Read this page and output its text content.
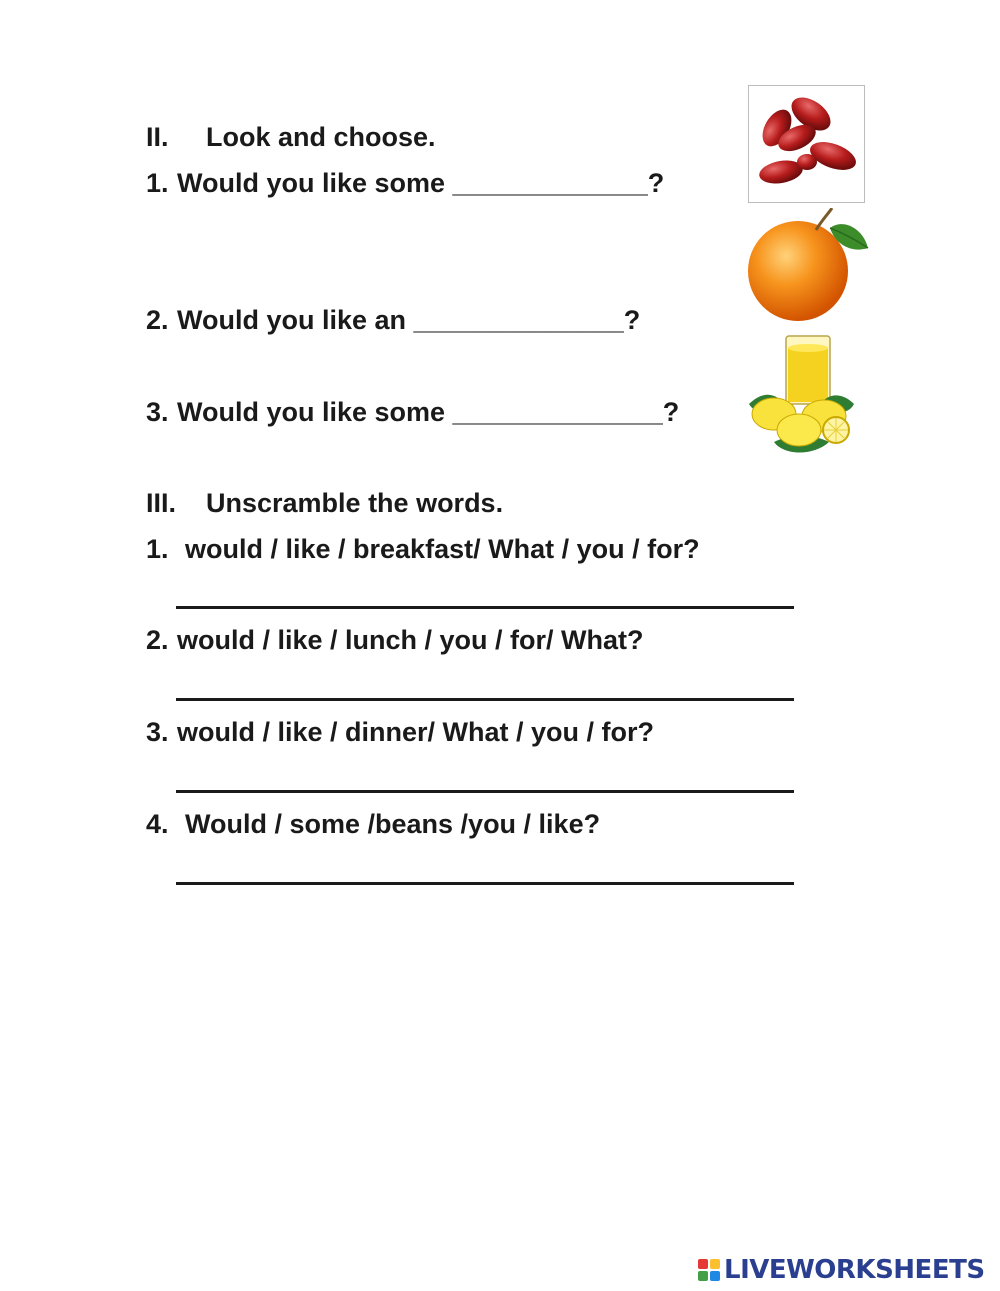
II. Look and choose.
1. Would you like some _____________?
2. Would you like an ______________?
3. Would you like some ______________?
III. Unscramble the words.
1. would / like / breakfast/ What / you / for?
2. would / like / lunch / you / for/ What?
3. would / like / dinner/ What / you / for?
4. Would / some /beans /you / like?
LIVEWORKSHEETS
